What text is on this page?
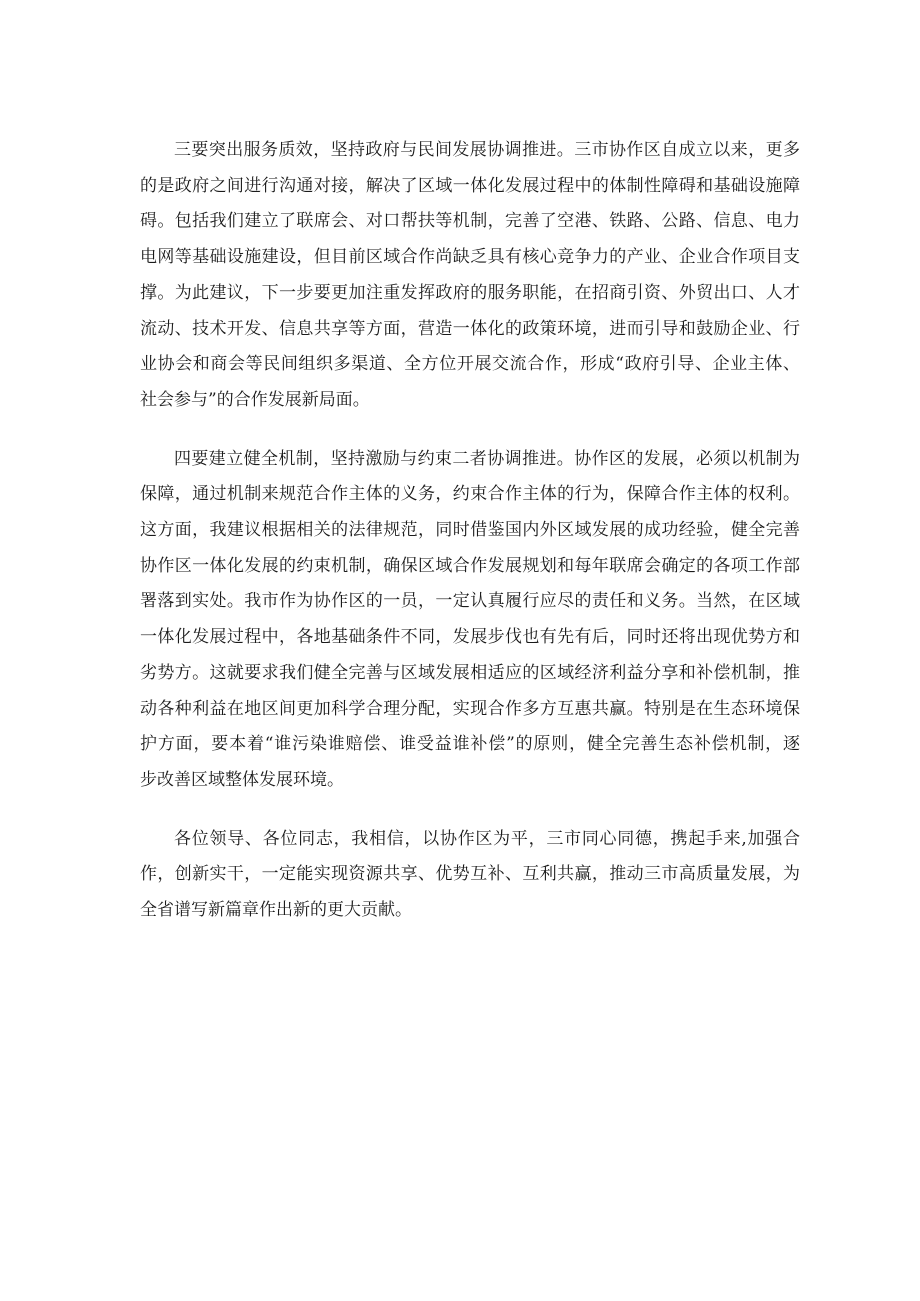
三要突出服务质效，坚持政府与民间发展协调推进。三市协作区自成立以来，更多
的是政府之间进行沟通对接，解决了区域一体化发展过程中的体制性障碍和基础设施障
碍。包括我们建立了联席会、对口帮扶等机制，完善了空港、铁路、公路、信息、电力
电网等基础设施建设，但目前区域合作尚缺乏具有核心竞争力的产业、企业合作项目支
撑。为此建议，下一步要更加注重发挥政府的服务职能，在招商引资、外贸出口、人才
流动、技术开发、信息共享等方面，营造一体化的政策环境，进而引导和鼓励企业、行
业协会和商会等民间组织多渠道、全方位开展交流合作，形成“政府引导、企业主体、
社会参与”的合作发展新局面。

四要建立健全机制，坚持激励与约束二者协调推进。协作区的发展，必须以机制为
保障，通过机制来规范合作主体的义务，约束合作主体的行为，保障合作主体的权利。
这方面，我建议根据相关的法律规范，同时借鉴国内外区域发展的成功经验，健全完善
协作区一体化发展的约束机制，确保区域合作发展规划和每年联席会确定的各项工作部
署落到实处。我市作为协作区的一员，一定认真履行应尽的责任和义务。当然，在区域
一体化发展过程中，各地基础条件不同，发展步伐也有先有后，同时还将出现优势方和
劣势方。这就要求我们健全完善与区域发展相适应的区域经济利益分享和补偿机制，推
动各种利益在地区间更加科学合理分配，实现合作多方互惠共赢。特别是在生态环境保
护方面，要本着“谁污染谁赔偿、谁受益谁补偿”的原则，健全完善生态补偿机制，逐
步改善区域整体发展环境。

各位领导、各位同志，我相信，以协作区为平，三市同心同德，携起手来,加强合
作，创新实干，一定能实现资源共享、优势互补、互利共赢，推动三市高质量发展，为
全省谱写新篇章作出新的更大贡献。
